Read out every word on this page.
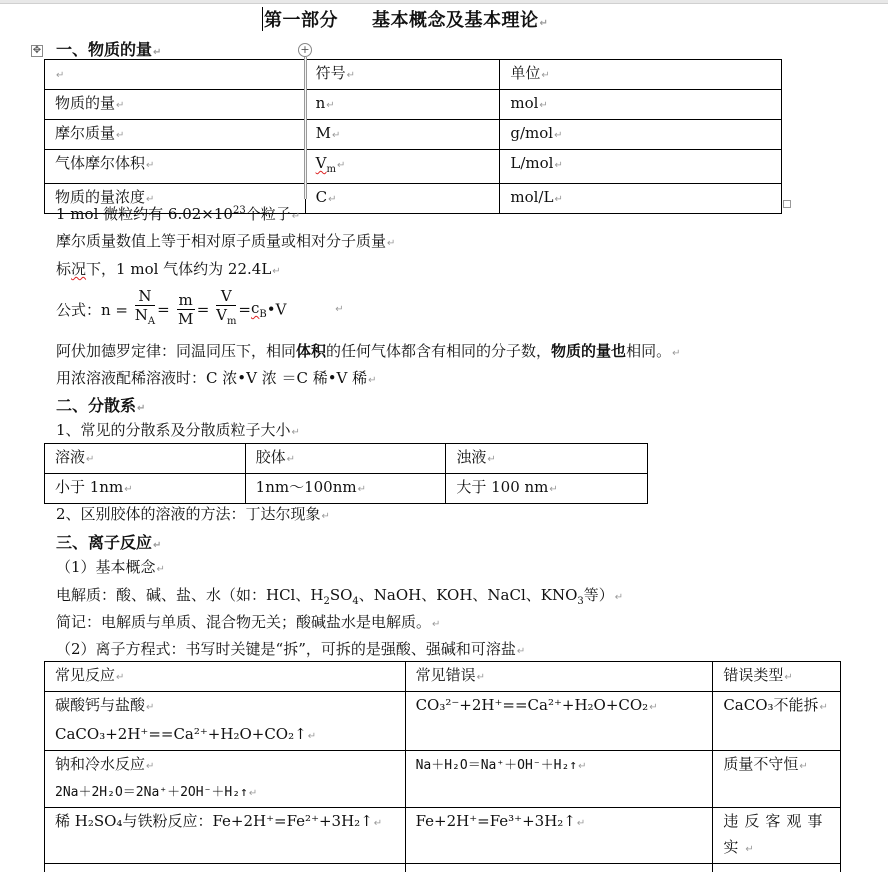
第一部分 基本概念及基本理论↵
✥ 一、物质的量↵	+
↵	符号↵	单位↵
物质的量↵	n↵	mol↵
摩尔质量↵	M↵	g/mol↵
气体摩尔体积↵	$V_m↵$	L/mol↵
物质的量浓度↵	C↵	mol/L↵
1 mol 微粒约有 $6.02\times 10^{23}$个粒子↵
摩尔质量数值上等于相对原子质量或相对分子质量↵
标况下，1 mol 气体约为 22.4L↵
公式：$n = \frac{N}{N_A} = \frac{m}{M} = \frac{V}{V_m}$ $=c_B•V$	↵
阿伏加德罗定律：同温同压下，相同体积的任何气体都含有相同的分子数，物质的量也相同。↵
用浓溶液配稀溶液时：C 浓•V 浓 ＝C 稀•V 稀↵
二、分散系↵
1、常见的分散系及分散质粒子大小↵
溶液↵	胶体↵	浊液↵
小于 1nm↵	1nm～100nm↵	大于 100 nm↵
2、区别胶体的溶液的方法：丁达尔现象↵
三、离子反应↵
（1）基本概念↵
电解质：酸、碱、盐、水（如：HCl、$H_2SO_4$、NaOH、KOH、NaCl、$KNO_3$等）↵
简记：电解质与单质、混合物无关；酸碱盐水是电解质。↵
（2）离子方程式：书写时关键是“拆”，可拆的是强酸、强碱和可溶盐↵
常见反应↵	常见错误↵	错误类型↵

碳酸钙与盐酸↵
CaCO₃+2H⁺==Ca²⁺+H₂O+CO₂↑↵	CO₃²⁻+2H⁺==Ca²⁺+H₂O+CO₂↵	CaCO₃不能拆↵

钠和冷水反应↵
2Na＋2H₂O＝2Na⁺＋2OH⁻＋H₂↑↵	Na＋H₂O＝Na⁺＋OH⁻＋H₂↑↵	质量不守恒↵
稀 H₂SO₄与铁粉反应：Fe+2H⁺=Fe²⁺+3H₂↑↵	Fe+2H⁺=Fe³⁺+3H₂↑↵	违反客观事实↵
